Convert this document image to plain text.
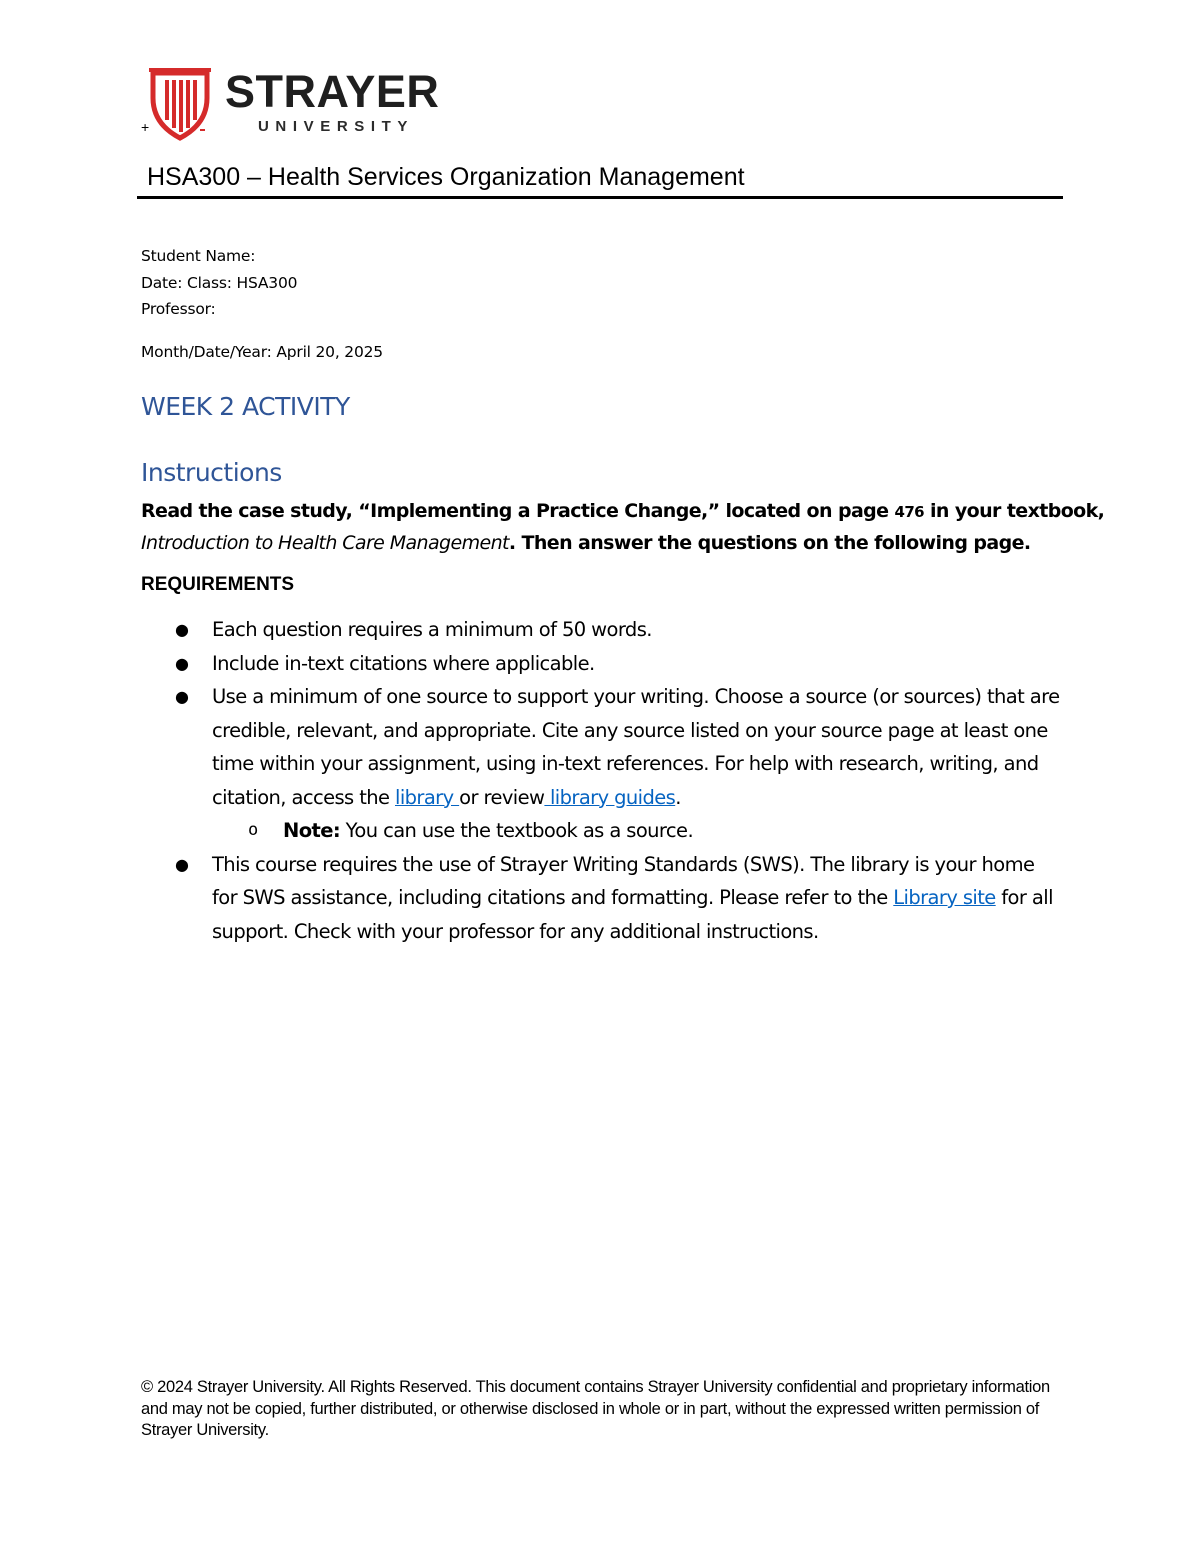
+
STRAYER
UNIVERSITY
HSA300 – Health Services Organization Management
Student Name:
Date: Class: HSA300
Professor:
Month/Date/Year: April 20, 2025
WEEK 2 ACTIVITY
Instructions
Read the case study, “Implementing a Practice Change,” located on page 476 in your textbook,
Introduction to Health Care Management. Then answer the questions on the following page.
REQUIREMENTS
●	Each question requires a minimum of 50 words.
●	Include in-text citations where applicable.
●	Use a minimum of one source to support your writing. Choose a source (or sources) that are credible, relevant, and appropriate. Cite any source listed on your source page at least one time within your assignment, using in-text references. For help with research, writing, and citation, access the library or review library guides.
o	Note: You can use the textbook as a source.
●	This course requires the use of Strayer Writing Standards (SWS). The library is your home for SWS assistance, including citations and formatting. Please refer to the Library site for all support. Check with your professor for any additional instructions.
© 2024 Strayer University. All Rights Reserved. This document contains Strayer University confidential and proprietary information and may not be copied, further distributed, or otherwise disclosed in whole or in part, without the expressed written permission of Strayer University.
